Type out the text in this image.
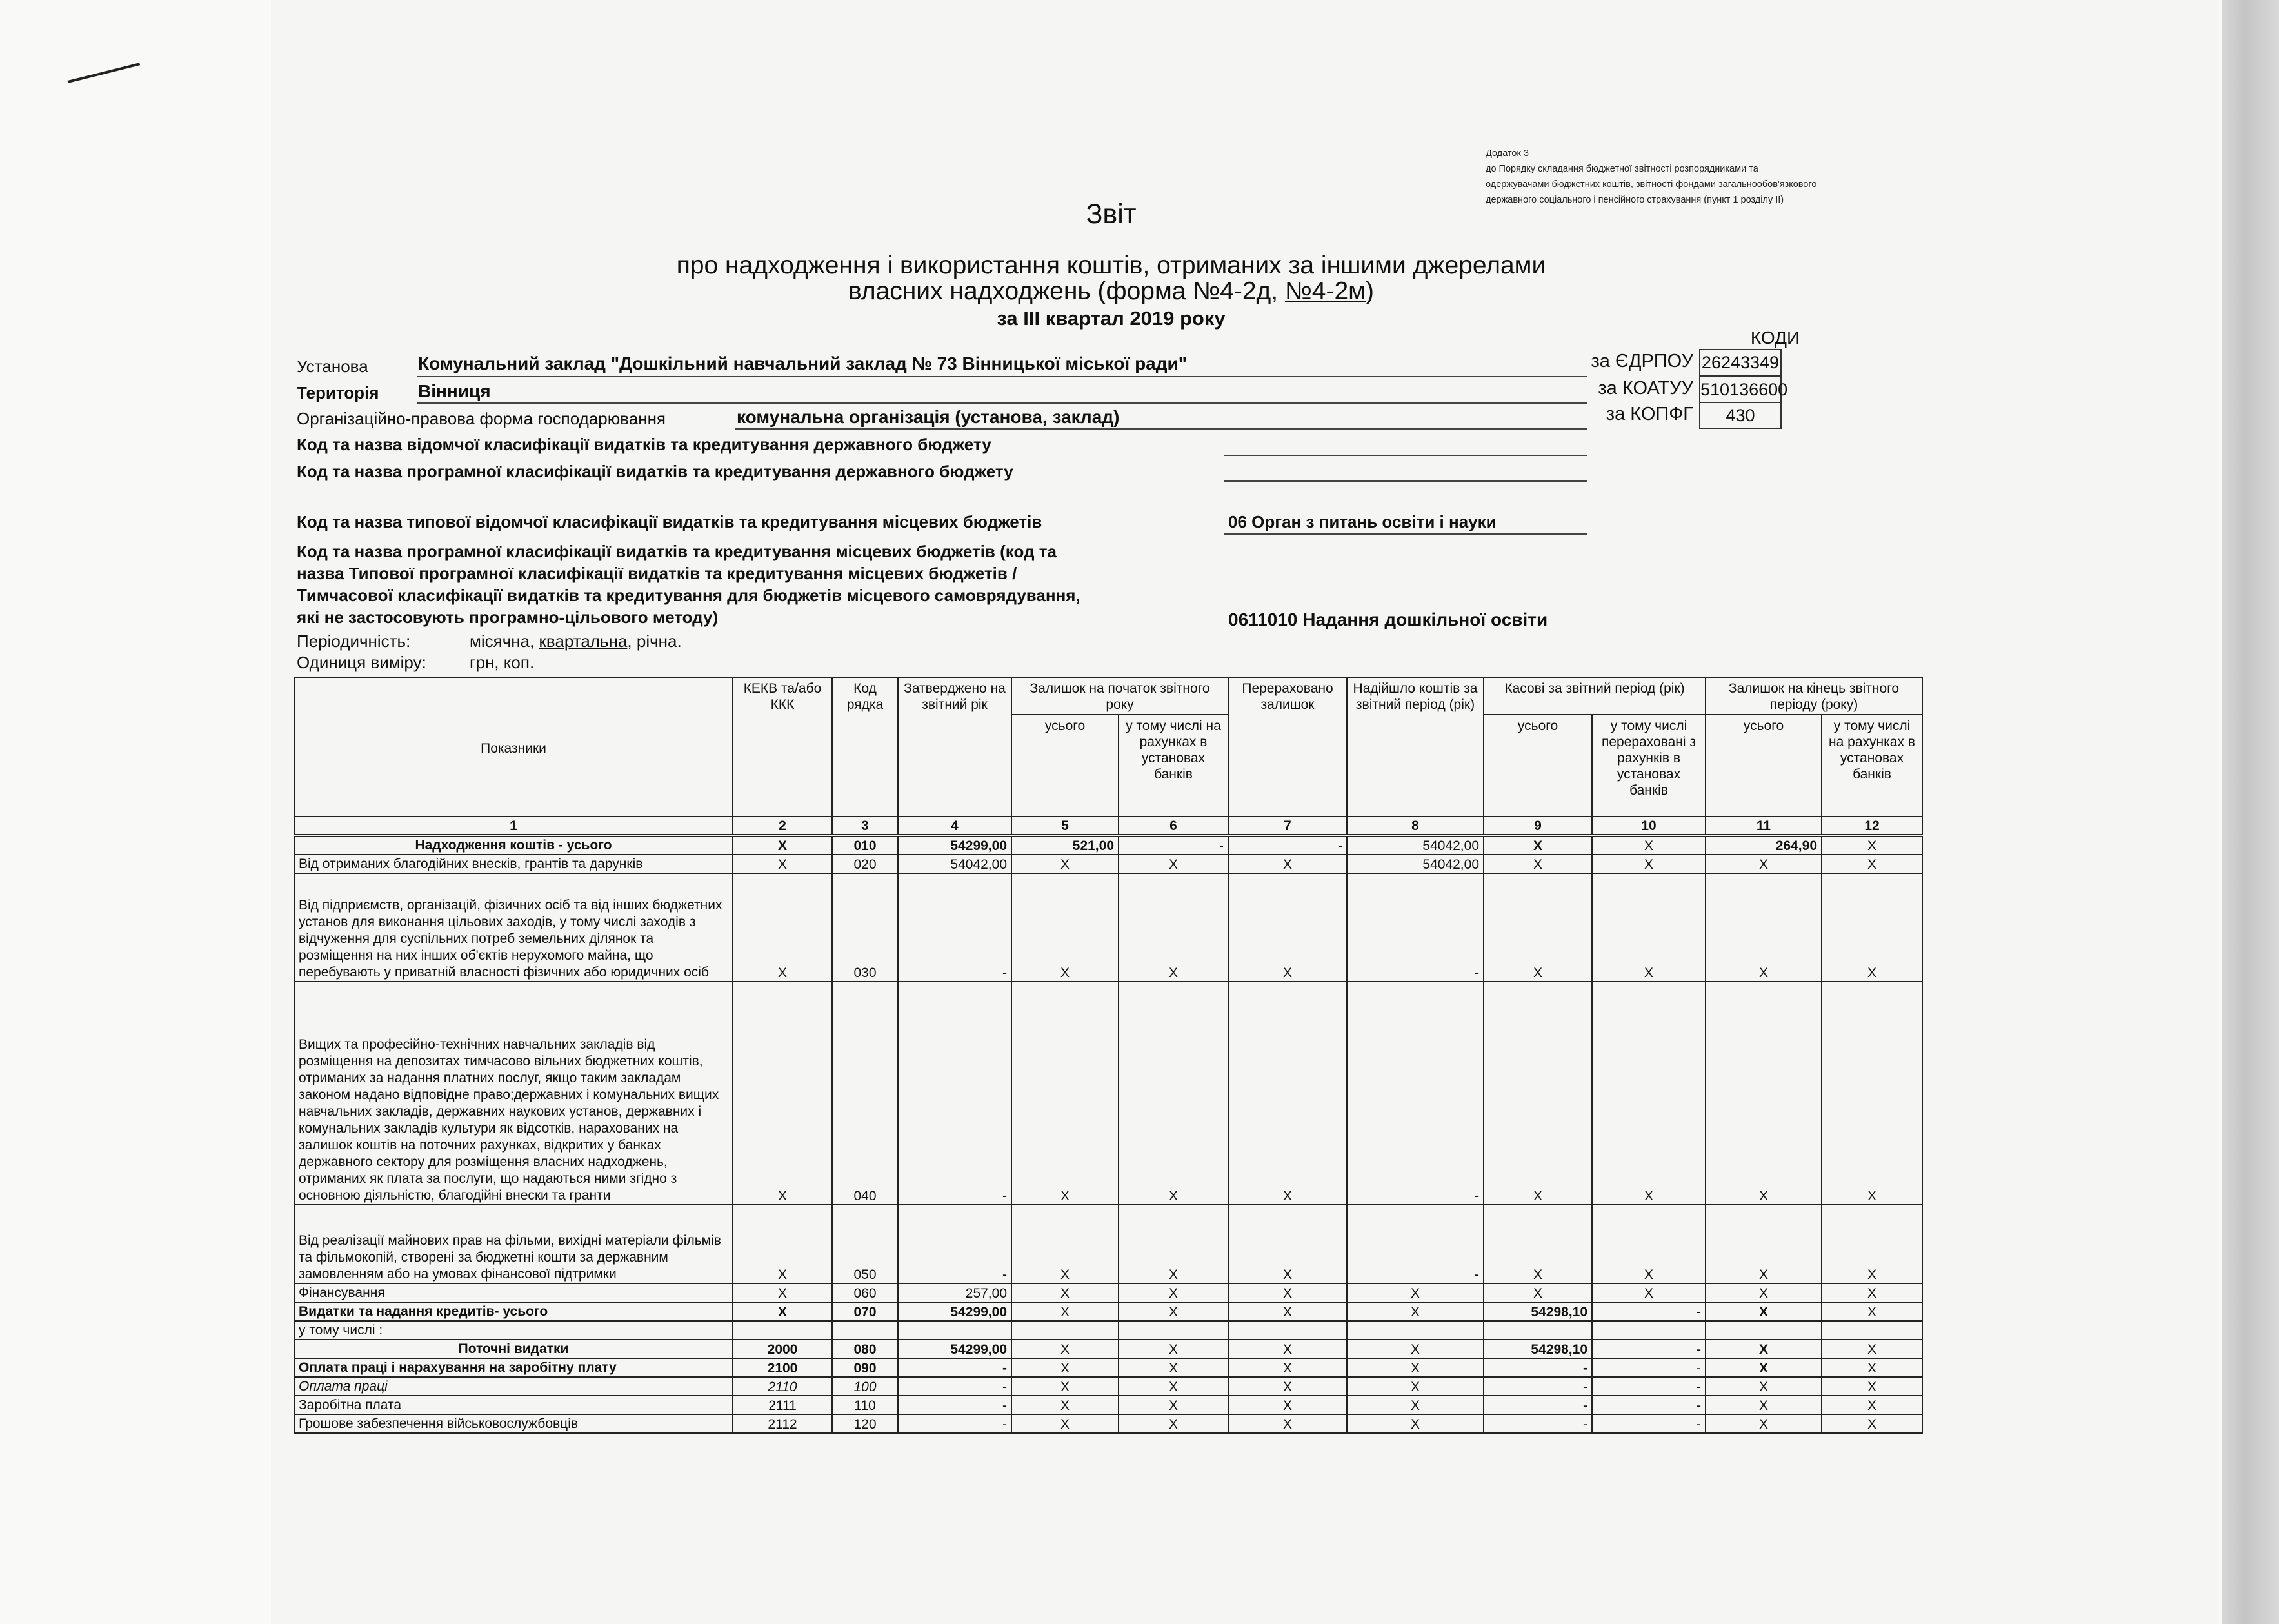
Додаток 3
до Порядку складання бюджетної звітності розпорядниками та
одержувачами бюджетних коштів, звітності фондами загальнообов'язкового
державного соціального і пенсійного страхування (пункт 1 розділу ІІ)
Звіт
про надходження і використання коштів, отриманих за іншими джерелами
власних надходжень (форма №4-2д, №4-2м)
за III квартал 2019 року
КОДИ
за ЄДРПОУ 26243349
за КОАТУУ 510136600
за КОПФГ	430
Установа	Комунальний заклад "Дошкільний навчальний заклад № 73 Вінницької міської ради"
Територія Вінниця
Організаційно-правова форма господарювання	комунальна організація (установа, заклад)
Код та назва відомчої класифікації видатків та кредитування державного бюджету
Код та назва програмної класифікації видатків та кредитування державного бюджету
Код та назва типової відомчої класифікації видатків та кредитування місцевих бюджетів	06 Орган з питань освіти і науки
Код та назва програмної класифікації видатків та кредитування місцевих бюджетів (код та
назва Типової програмної класифікації видатків та кредитування місцевих бюджетів /
Тимчасової класифікації видатків та кредитування для бюджетів місцевого самоврядування,
які не застосовують програмно-цільового методу)	0611010 Надання дошкільної освіти
Періодичність:	місячна, квартальна, річна.
Одиниця виміру:	грн, коп.
Показники	КЕКВ та/або ККК	Код рядка	Затверджено на звітний рік	Залишок на початок звітного року		Перераховано залишок	Надійшло коштів за звітний період (рік)	Касові за звітний період (рік)		Залишок на кінець звітного періоду (року)	
				усього	у тому числі на рахунках в установах банків			усього	у тому числі перераховані з рахунків в установах банків	усього	у тому числі на рахунках в установах банків
1	2	3	4	5	6	7	8	9	10	11	12
Надходження коштів - усього	Х	010	54299,00	521,00	-	-	54042,00	Х	Х	264,90	Х
Від отриманих благодійних внесків, грантів та дарунків	Х	020	54042,00	Х	Х	Х	54042,00	Х	Х	Х	Х
Від підприємств, організацій, фізичних осіб та від інших бюджетних установ для виконання цільових заходів, у тому числі заходів з відчуження для суспільних потреб земельних ділянок та розміщення на них інших об'єктів нерухомого майна, що перебувають у приватній власності фізичних або юридичних осіб	Х	030	-	Х	Х	Х	-	Х	Х	Х	Х
Вищих та професійно-технічних навчальних закладів від розміщення на депозитах тимчасово вільних бюджетних коштів, отриманих за надання платних послуг, якщо таким закладам законом надано відповідне право;державних і комунальних вищих навчальних закладів, державних наукових установ, державних і комунальних закладів культури як відсотків, нарахованих на залишок коштів на поточних рахунках, відкритих у банках державного сектору для розміщення власних надходжень, отриманих як плата за послуги, що надаються ними згідно з основною діяльністю, благодійні внески та гранти	Х	040	-	Х	Х	Х	-	Х	Х	Х	Х
Від реалізації майнових прав на фільми, вихідні матеріали фільмів та фільмокопій, створені за бюджетні кошти за державним замовленням або на умовах фінансової підтримки	Х	050	-	Х	Х	Х	-	Х	Х	Х	Х
Фінансування	Х	060	257,00	Х	Х	Х	Х	Х	Х	Х	Х
Видатки та надання кредитів- усього	Х	070	54299,00	Х	Х	Х	Х	54298,10	-	Х	Х
у тому числі :											
Поточні видатки	2000	080	54299,00	Х	Х	Х	Х	54298,10	-	Х	Х
Оплата праці і нарахування на заробітну плату	2100	090	-	Х	Х	Х	Х	-	-	Х	Х
Оплата праці	2110	100	-	Х	Х	Х	Х	-	-	Х	Х
Заробітна плата	2111	110	-	Х	Х	Х	Х	-	-	Х	Х
Грошове забезпечення військовослужбовців	2112	120	-	Х	Х	Х	Х	-	-	Х	Х
